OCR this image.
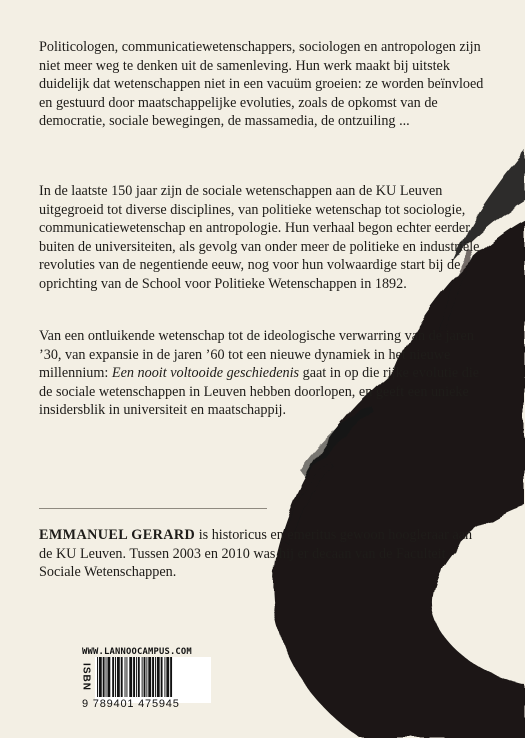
Politicologen, communicatiewetenschappers, sociologen en antropologen zijn niet meer weg te denken uit de samenleving. Hun werk maakt bij uitstek duidelijk dat wetenschappen niet in een vacuüm groeien: ze worden beïnvloed en gestuurd door maatschappelijke evoluties, zoals de opkomst van de democratie, sociale bewegingen, de massamedia, de ontzuiling ...

In de laatste 150 jaar zijn de sociale wetenschappen aan de KU Leuven uitgegroeid tot diverse disciplines, van politieke wetenschap tot sociologie, communicatiewetenschap en antropologie. Hun verhaal begon echter eerder buiten de universiteiten, als gevolg van onder meer de politieke en industriële revoluties van de negentiende eeuw, nog voor hun volwaardige start bij de oprichting van de School voor Politieke Wetenschappen in 1892.

Van een ontluikende wetenschap tot de ideologische verwarring van de jaren ’30, van expansie in de jaren ’60 tot een nieuwe dynamiek in het nieuwe millennium: Een nooit voltooide geschiedenis gaat in op die rijke evolutie die de sociale wetenschappen in Leuven hebben doorlopen, en geeft een unieke insidersblik in universiteit en maatschappij.

EMMANUEL GERARD is historicus en emeritus gewoon hoogleraar aan de KU Leuven. Tussen 2003 en 2010 was hij er decaan van de Faculteit Sociale Wetenschappen.

WWW.LANNOOCAMPUS.COM
ISBN
9 789401 475945
